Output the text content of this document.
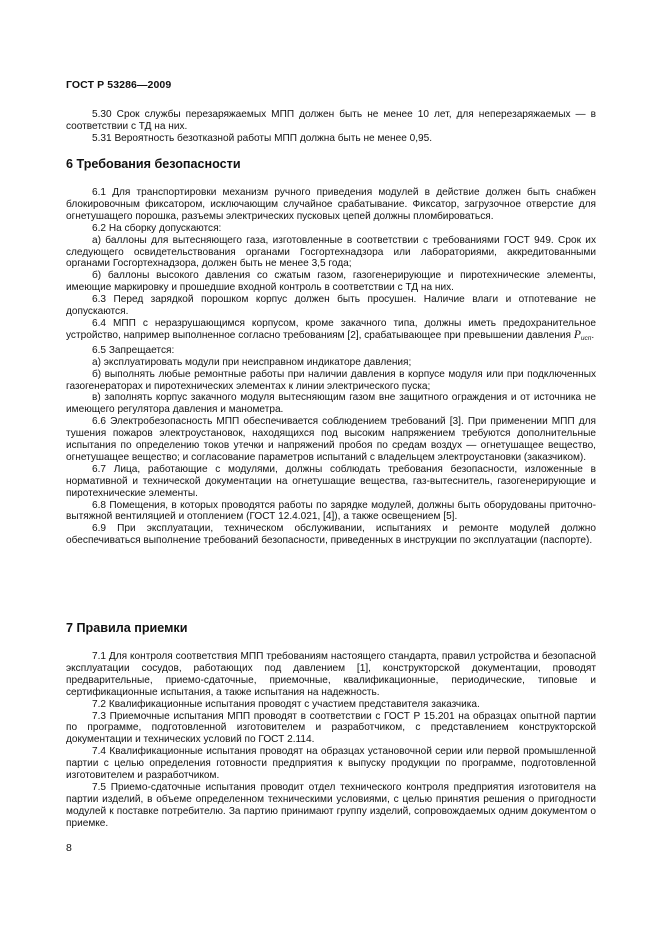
ГОСТ Р 53286—2009

5.30 Срок службы перезаряжаемых МПП должен быть не менее 10 лет, для неперезаряжаемых — в соответствии с ТД на них.

5.31 Вероятность безотказной работы МПП должна быть не менее 0,95.

6 Требования безопасности

6.1 Для транспортировки механизм ручного приведения модулей в действие должен быть снабжен блокировочным фиксатором, исключающим случайное срабатывание. Фиксатор, загрузочное отверстие для огнетушащего порошка, разъемы электрических пусковых цепей должны пломбироваться.

6.2 На сборку допускаются:

а) баллоны для вытесняющего газа, изготовленные в соответствии с требованиями ГОСТ 949. Срок их следующего освидетельствования органами Госгортехнадзора или лабораториями, аккредитованными органами Госгортехнадзора, должен быть не менее 3,5 года;

б) баллоны высокого давления со сжатым газом, газогенерирующие и пиротехнические элементы, имеющие маркировку и прошедшие входной контроль в соответствии с ТД на них.

6.3 Перед зарядкой порошком корпус должен быть просушен. Наличие влаги и отпотевание не допускаются.

6.4 МПП с неразрушающимся корпусом, кроме закачного типа, должны иметь предохранительное устройство, например выполненное согласно требованиям [2], срабатывающее при превышении давления $P_{исп}$.

6.5 Запрещается:

а) эксплуатировать модули при неисправном индикаторе давления;

б) выполнять любые ремонтные работы при наличии давления в корпусе модуля или при подключенных газогенераторах и пиротехнических элементах к линии электрического пуска;

в) заполнять корпус закачного модуля вытесняющим газом вне защитного ограждения и от источника не имеющего регулятора давления и манометра.

6.6 Электробезопасность МПП обеспечивается соблюдением требований [3]. При применении МПП для тушения пожаров электроустановок, находящихся под высоким напряжением требуются дополнительные испытания по определению токов утечки и напряжений пробоя по средам воздух — огнетушащее вещество, огнетушащее вещество; и согласование параметров испытаний с владельцем электроустановки (заказчиком).

6.7 Лица, работающие с модулями, должны соблюдать требования безопасности, изложенные в нормативной и технической документации на огнетушащие вещества, газ-вытеснитель, газогенерирующие и пиротехнические элементы.

6.8 Помещения, в которых проводятся работы по зарядке модулей, должны быть оборудованы приточно-вытяжной вентиляцией и отоплением (ГОСТ 12.4.021, [4]), а также освещением [5].

6.9 При эксплуатации, техническом обслуживании, испытаниях и ремонте модулей должно обеспечиваться выполнение требований безопасности, приведенных в инструкции по эксплуатации (паспорте).

7 Правила приемки

7.1 Для контроля соответствия МПП требованиям настоящего стандарта, правил устройства и безопасной эксплуатации сосудов, работающих под давлением [1], конструкторской документации, проводят предварительные, приемо-сдаточные, приемочные, квалификационные, периодические, типовые и сертификационные испытания, а также испытания на надежность.

7.2 Квалификационные испытания проводят с участием представителя заказчика.

7.3 Приемочные испытания МПП проводят в соответствии с ГОСТ Р 15.201 на образцах опытной партии по программе, подготовленной изготовителем и разработчиком, с представлением конструкторской документации и технических условий по ГОСТ 2.114.

7.4 Квалификационные испытания проводят на образцах установочной серии или первой промышленной партии с целью определения готовности предприятия к выпуску продукции по программе, подготовленной изготовителем и разработчиком.

7.5 Приемо-сдаточные испытания проводит отдел технического контроля предприятия изготовителя на партии изделий, в объеме определенном техническими условиями, с целью принятия решения о пригодности модулей к поставке потребителю. За партию принимают группу изделий, сопровождаемых одним документом о приемке.

8
